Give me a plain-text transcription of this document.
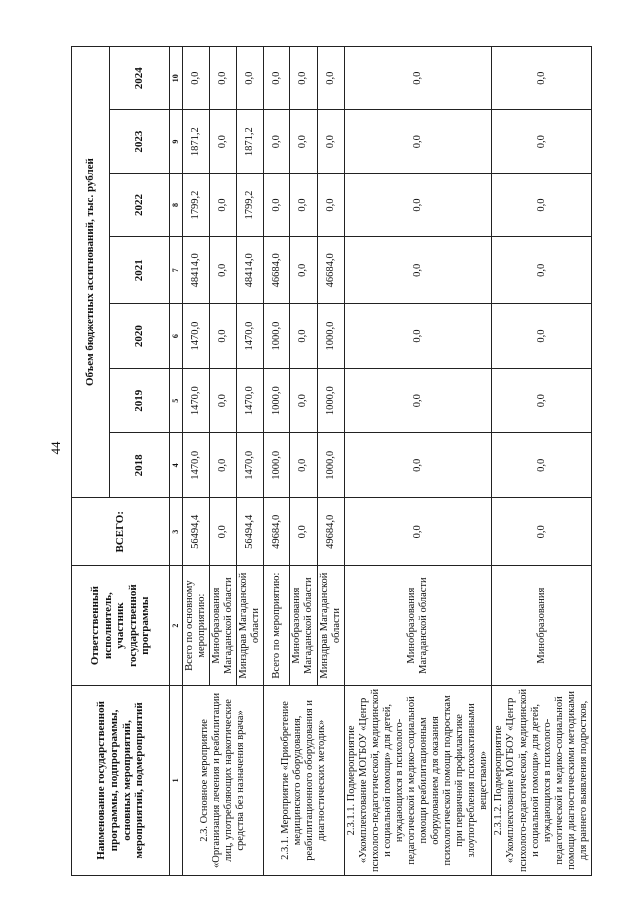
44
Наименование государственной программы, подпрограммы, основных мероприятий, мероприятий, подмероприятий	Ответственный исполнитель, участник государственной программы	ВСЕГО:	Объем бюджетных ассигнований, тыс. рублей						
			2018	2019	2020	2021	2022	2023	2024
1	2	3	4	5	6	7	8	9	10
2.3. Основное мероприятие «Организация лечения и реабилитации лиц, употребляющих наркотические средства без назначения врача»	Всего по основному мероприятию:	56494,4	1470,0	1470,0	1470,0	48414,0	1799,2	1871,2	0,0
	Минобразования Магаданской области	0,0	0,0	0,0	0,0	0,0	0,0	0,0	0,0
	Минздрав Магаданской области	56494,4	1470,0	1470,0	1470,0	48414,0	1799,2	1871,2	0,0
2.3.1. Мероприятие «Приобретение медицинского оборудования, реабилитационного оборудования и диагностических методик»	Всего по мероприятию:	49684,0	1000,0	1000,0	1000,0	46684,0	0,0	0,0	0,0
	Минобразования Магаданской области	0,0	0,0	0,0	0,0	0,0	0,0	0,0	0,0
	Минздрав Магаданской области	49684,0	1000,0	1000,0	1000,0	46684,0	0,0	0,0	0,0
2.3.1.1. Подмероприятие «Укомплектование МОГБОУ «Центр психолого-педагогической, медицинской и социальной помощи» для детей, нуждающихся в психолого-педагогической и медико-социальной помощи реабилитационным оборудованием для оказания психологической помощи подросткам при первичной профилактике злоупотребления психоактивными веществами»	Минобразования Магаданской области	0,0	0,0	0,0	0,0	0,0	0,0	0,0	0,0
2.3.1.2. Подмероприятие «Укомплектование МОГБОУ «Центр психолого-педагогической, медицинской и социальной помощи» для детей, нуждающихся в психолого-педагогической и медико-социальной помощи диагностическими методиками для раннего выявления подростков,	Минобразования	0,0	0,0	0,0	0,0	0,0	0,0	0,0	0,0
